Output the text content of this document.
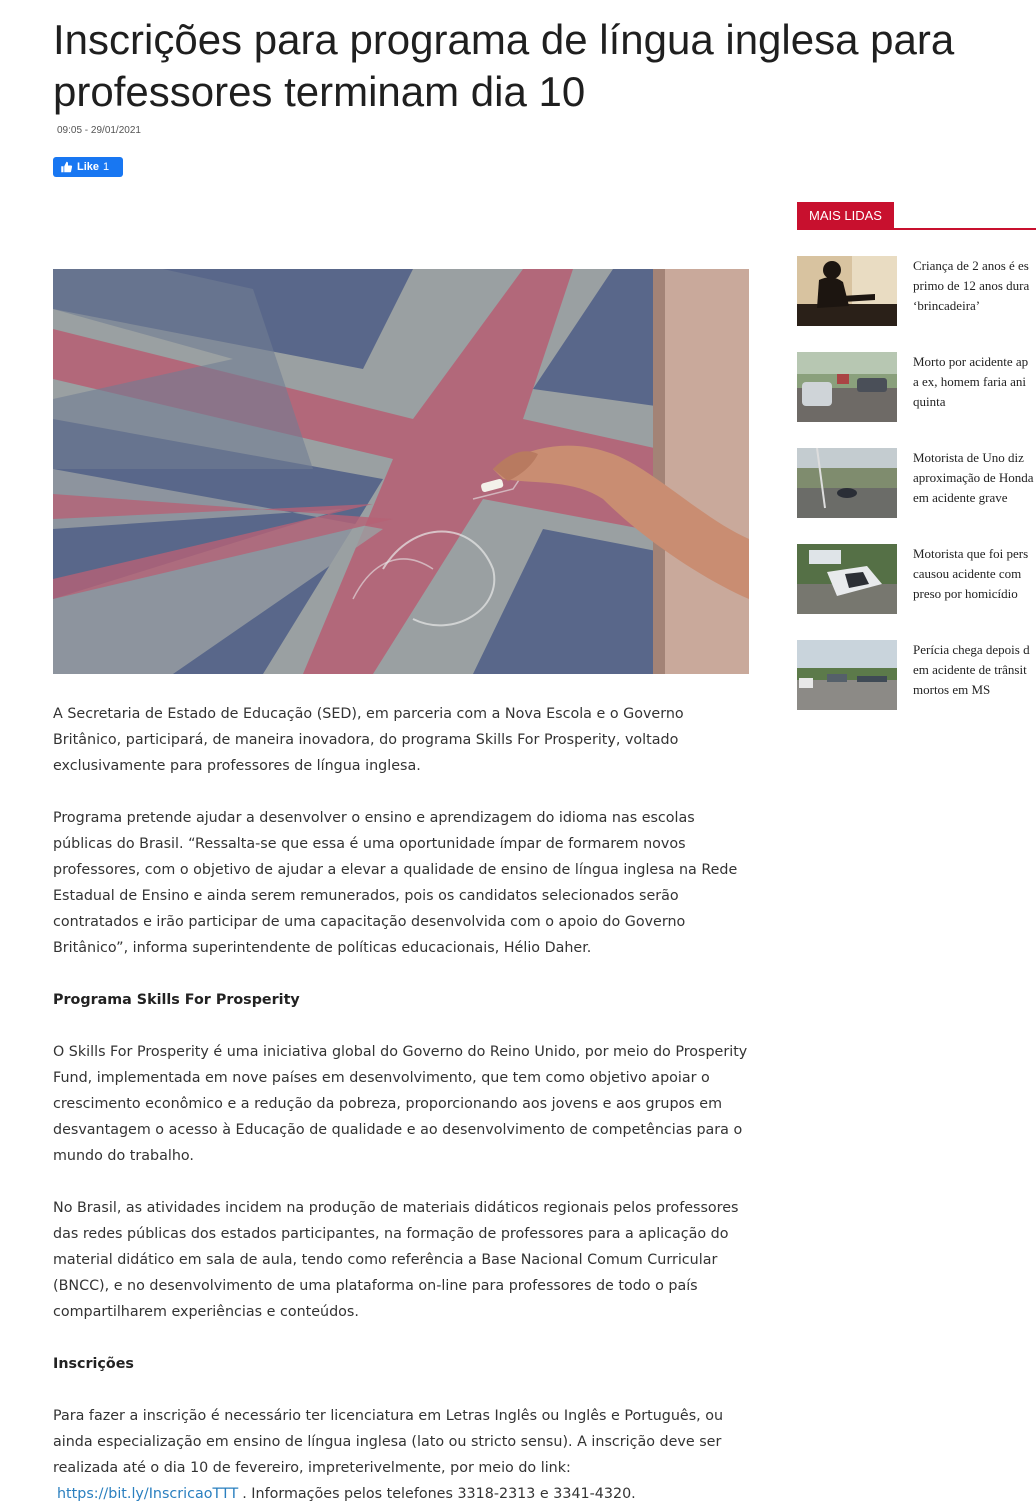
Inscrições para programa de língua inglesa para
professores terminam dia 10
09:05 - 29/01/2021
Like 1

A Secretaria de Estado de Educação (SED), em parceria com a Nova Escola e o Governo Britânico, participará, de maneira inovadora, do programa Skills For Prosperity, voltado exclusivamente para professores de língua inglesa.

Programa pretende ajudar a desenvolver o ensino e aprendizagem do idioma nas escolas públicas do Brasil. “Ressalta-se que essa é uma oportunidade ímpar de formarem novos professores, com o objetivo de ajudar a elevar a qualidade de ensino de língua inglesa na Rede Estadual de Ensino e ainda serem remunerados, pois os candidatos selecionados serão contratados e irão participar de uma capacitação desenvolvida com o apoio do Governo Britânico”, informa superintendente de políticas educacionais, Hélio Daher.

Programa Skills For Prosperity

O Skills For Prosperity é uma iniciativa global do Governo do Reino Unido, por meio do Prosperity Fund, implementada em nove países em desenvolvimento, que tem como objetivo apoiar o crescimento econômico e a redução da pobreza, proporcionando aos jovens e aos grupos em desvantagem o acesso à Educação de qualidade e ao desenvolvimento de competências para o mundo do trabalho.

No Brasil, as atividades incidem na produção de materiais didáticos regionais pelos professores das redes públicas dos estados participantes, na formação de professores para a aplicação do material didático em sala de aula, tendo como referência a Base Nacional Comum Curricular (BNCC), e no desenvolvimento de uma plataforma on-line para professores de todo o país compartilharem experiências e conteúdos.

Inscrições

Para fazer a inscrição é necessário ter licenciatura em Letras Inglês ou Inglês e Português, ou ainda especialização em ensino de língua inglesa (lato ou stricto sensu). A inscrição deve ser realizada até o dia 10 de fevereiro, impreterivelmente, por meio do link: https://bit.ly/InscricaoTTT . Informações pelos telefones 3318-2313 e 3341-4320.

MAIS LIDAS
Criança de 2 anos é es
primo de 12 anos dura
‘brincadeira’
Morto por acidente ap
a ex, homem faria ani
quinta
Motorista de Uno diz
aproximação de Honda
em acidente grave
Motorista que foi pers
causou acidente com
preso por homicídio
Perícia chega depois d
em acidente de trânsit
mortos em MS
